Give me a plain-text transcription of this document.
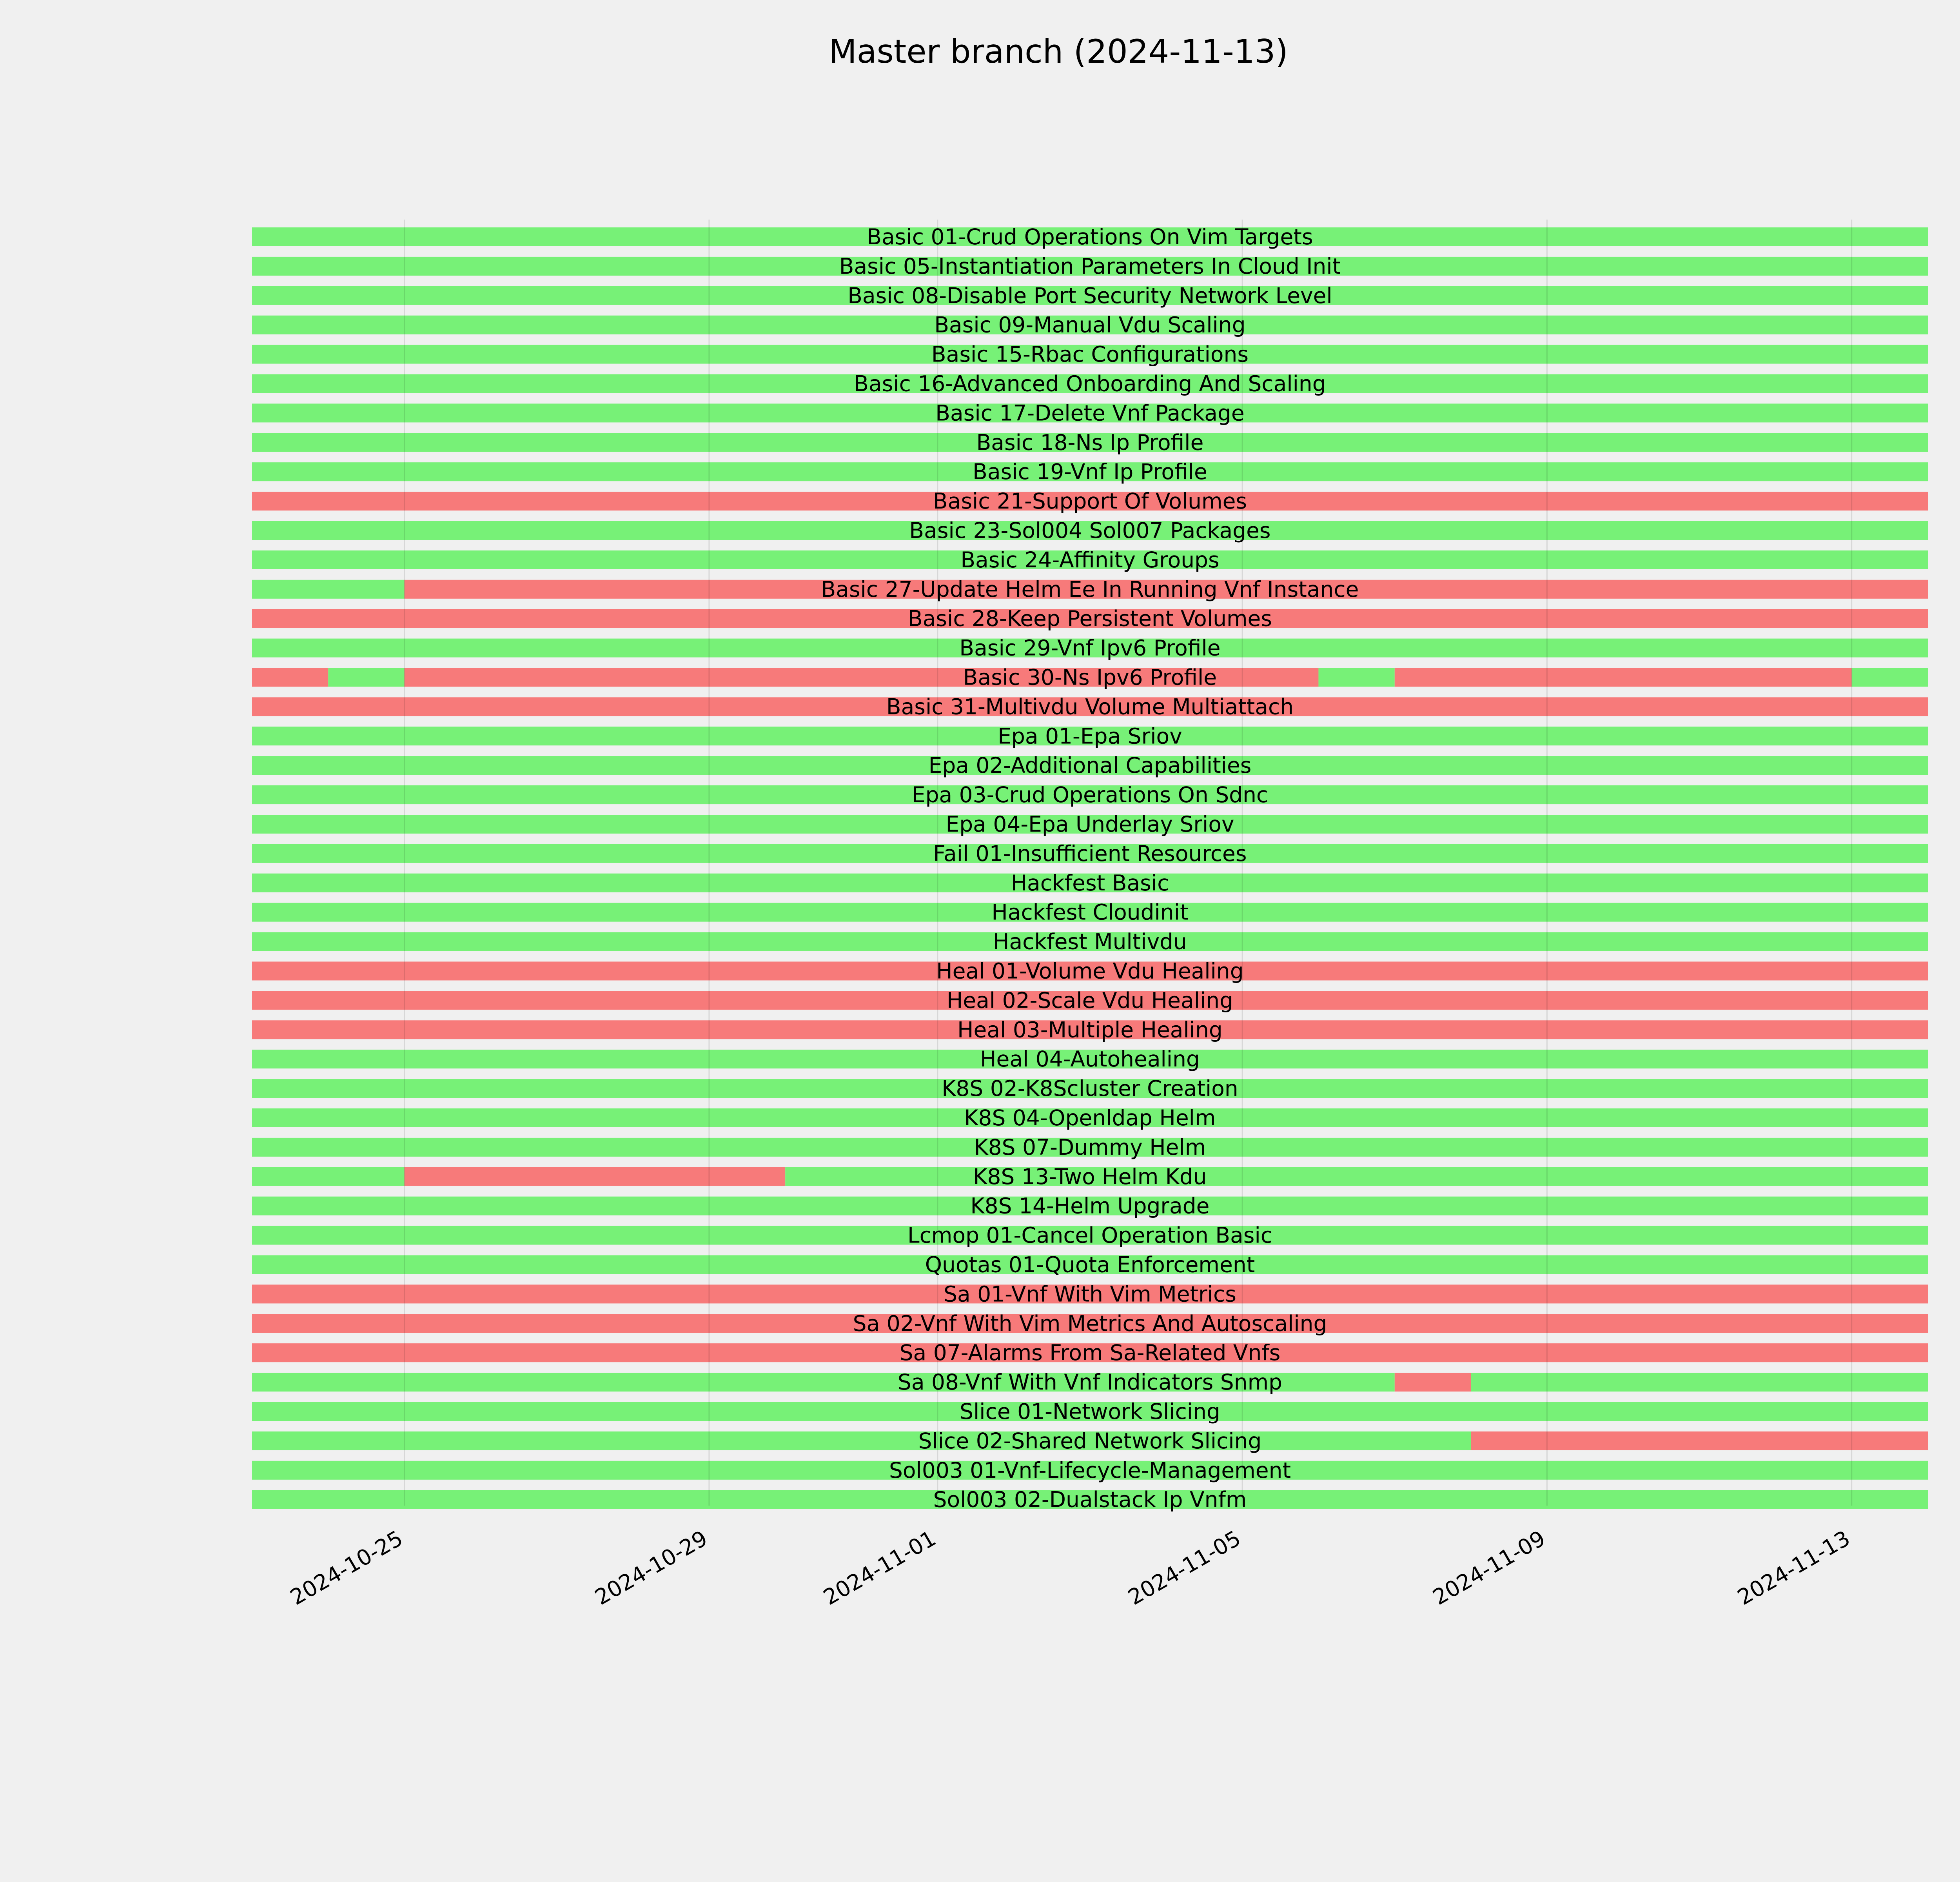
Master branch (2024-11-13)
Basic 01-Crud Operations On Vim Targets
Basic 05-Instantiation Parameters In Cloud Init
Basic 08-Disable Port Security Network Level
Basic 09-Manual Vdu Scaling
Basic 15-Rbac Configurations
Basic 16-Advanced Onboarding And Scaling
Basic 17-Delete Vnf Package
Basic 18-Ns Ip Profile
Basic 19-Vnf Ip Profile
Basic 21-Support Of Volumes
Basic 23-Sol004 Sol007 Packages
Basic 24-Affinity Groups
Basic 27-Update Helm Ee In Running Vnf Instance
Basic 28-Keep Persistent Volumes
Basic 29-Vnf Ipv6 Profile
Basic 30-Ns Ipv6 Profile
Basic 31-Multivdu Volume Multiattach
Epa 01-Epa Sriov
Epa 02-Additional Capabilities
Epa 03-Crud Operations On Sdnc
Epa 04-Epa Underlay Sriov
Fail 01-Insufficient Resources
Hackfest Basic
Hackfest Cloudinit
Hackfest Multivdu
Heal 01-Volume Vdu Healing
Heal 02-Scale Vdu Healing
Heal 03-Multiple Healing
Heal 04-Autohealing
K8S 02-K8Scluster Creation
K8S 04-Openldap Helm
K8S 07-Dummy Helm
K8S 13-Two Helm Kdu
K8S 14-Helm Upgrade
Lcmop 01-Cancel Operation Basic
Quotas 01-Quota Enforcement
Sa 01-Vnf With Vim Metrics
Sa 02-Vnf With Vim Metrics And Autoscaling
Sa 07-Alarms From Sa-Related Vnfs
Sa 08-Vnf With Vnf Indicators Snmp
Slice 01-Network Slicing
Slice 02-Shared Network Slicing
Sol003 01-Vnf-Lifecycle-Management
Sol003 02-Dualstack Ip Vnfm
2024-10-25	2024-10-29	2024-11-01	2024-11-05	2024-11-09	2024-11-13
